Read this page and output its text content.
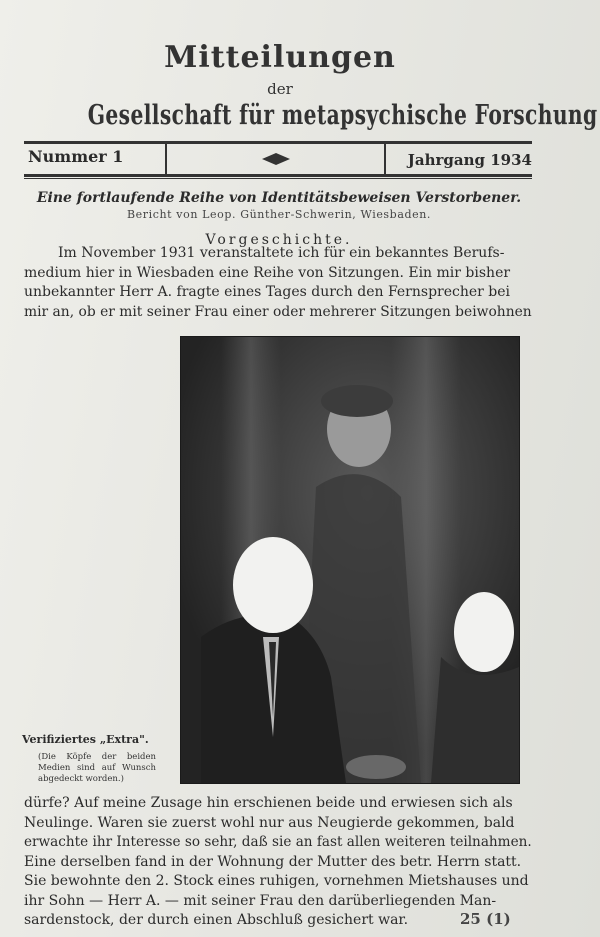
Mitteilungen
der
Gesellschaft für metapsychische Forschung
Nummer 1	Jahrgang 1934
Eine fortlaufende Reihe von Identitätsbeweisen Verstorbener.
Bericht von Leop. Günther-Schwerin, Wiesbaden.
Vorgeschichte.
Im November 1931 veranstaltete ich für ein bekanntes Berufs-
medium hier in Wiesbaden eine Reihe von Sitzungen. Ein mir bisher
unbekannter Herr A. fragte eines Tages durch den Fernsprecher bei
mir an, ob er mit seiner Frau einer oder mehrerer Sitzungen beiwohnen
Verifiziertes „Extra".
(Die Köpfe der beiden Medien sind auf Wunsch abgedeckt worden.)
dürfe? Auf meine Zusage hin erschienen beide und erwiesen sich als
Neulinge. Waren sie zuerst wohl nur aus Neugierde gekommen, bald
erwachte ihr Interesse so sehr, daß sie an fast allen weiteren teilnahmen.
Eine derselben fand in der Wohnung der Mutter des betr. Herrn statt.
Sie bewohnte den 2. Stock eines ruhigen, vornehmen Mietshauses und
ihr Sohn — Herr A. — mit seiner Frau den darüberliegenden Man-
sardenstock, der durch einen Abschluß gesichert war.	25 (1)
